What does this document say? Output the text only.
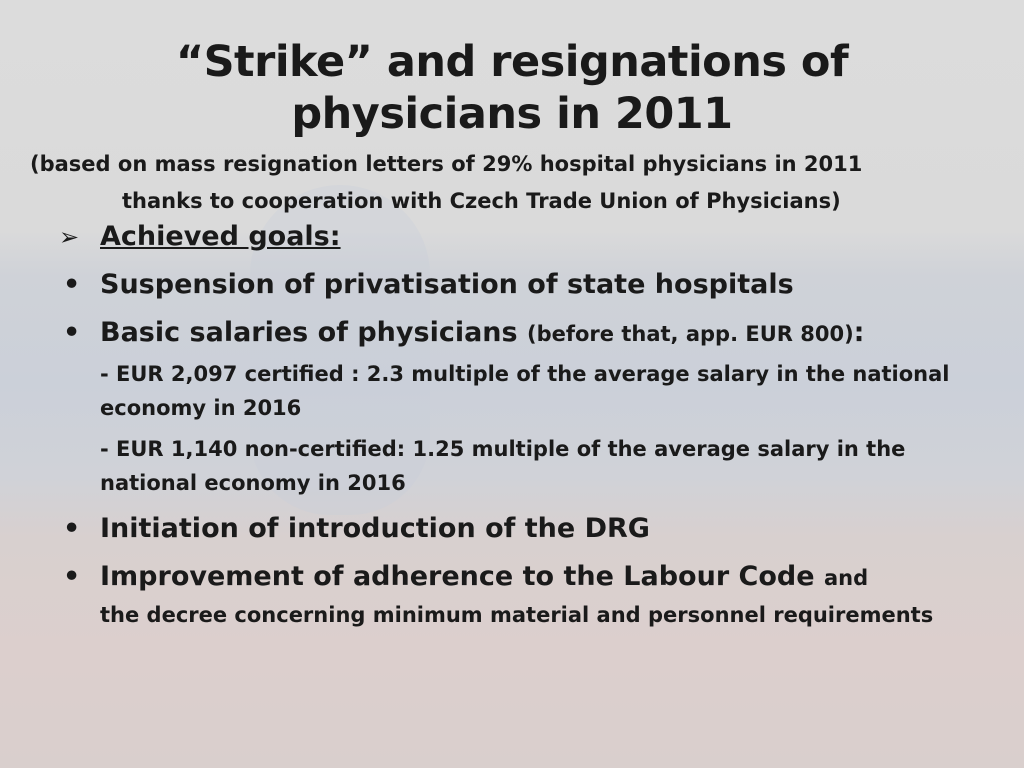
“Strike” and resignations of
physicians in 2011

(based on mass resignation letters of 29% hospital physicians in 2011
thanks to cooperation with Czech Trade Union of Physicians)

➢ Achieved goals:
• Suspension of privatisation of state hospitals
• Basic salaries of physicians (before that, app. EUR 800):
- EUR 2,097 certified : 2.3 multiple of the average salary in the national economy in 2016
- EUR 1,140 non-certified: 1.25 multiple of the average salary in the national economy in 2016
• Initiation of introduction of the DRG
• Improvement of adherence to the Labour Code and
the decree concerning minimum material and personnel requirements
